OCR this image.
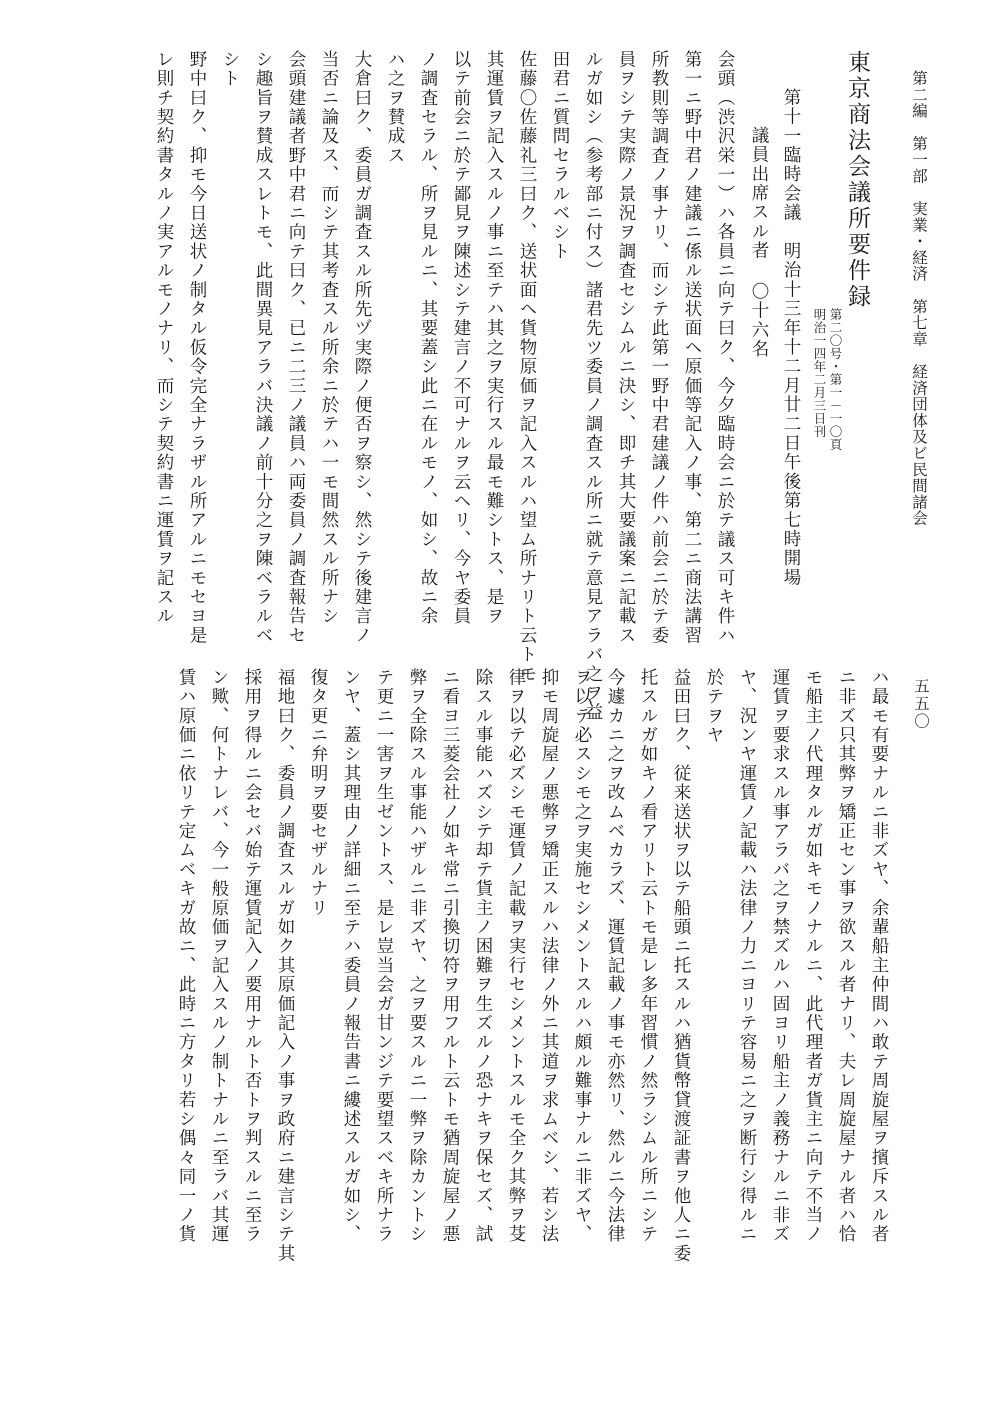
第二編　第一部　実業・経済　第七章　経済団体及ビ民間諸会
五五〇
東京商法会議所要件録
第二〇号・第一－一〇頁
明治一四年二月三日刊
第十一臨時会議　明治十三年十二月廿二日午後第七時開場
議員出席スル者 〇十六名
会頭（渋沢栄一）ハ各員ニ向テ曰ク、今夕臨時会ニ於テ議ス可キ件ハ
第一ニ野中君ノ建議ニ係ル送状面ヘ原価等記入ノ事、第二ニ商法講習
所教則等調査ノ事ナリ、而シテ此第一野中君建議ノ件ハ前会ニ於テ委
員ヲシテ実際ノ景況ヲ調査セシムルニ決シ、即チ其大要議案ニ記載ス
ルガ如シ（参考部ニ付ス）諸君先ツ委員ノ調査スル所ニ就テ意見アラバ之ヲ益
田君ニ質問セラルベシト
佐藤〇佐藤礼三曰ク、送状面ヘ貨物原価ヲ記入スルハ望ム所ナリト云トモ
其運賃ヲ記入スルノ事ニ至テハ其之ヲ実行スル最モ難シトス、是ヲ
以テ前会ニ於テ鄙見ヲ陳述シテ建言ノ不可ナルヲ云ヘリ、今ヤ委員
ノ調査セラル、所ヲ見ルニ、其要蓋シ此ニ在ルモノ、如シ、故ニ余
ハ之ヲ賛成ス
大倉曰ク、委員ガ調査スル所先ヅ実際ノ便否ヲ察シ、然シテ後建言ノ
当否ニ論及ス、而シテ其考査スル所余ニ於テハ一モ間然スル所ナシ
会頭建議者野中君ニ向テ曰ク、已ニ二三ノ議員ハ両委員ノ調査報告セ
シ趣旨ヲ賛成スレトモ、此間異見アラバ決議ノ前十分之ヲ陳ベラルベ
シト
野中曰ク、抑モ今日送状ノ制タル仮令完全ナラザル所アルニモセヨ是
レ則チ契約書タルノ実アルモノナリ、而シテ契約書ニ運賃ヲ記スル
ハ最モ有要ナルニ非ズヤ、余輩船主仲間ハ敢テ周旋屋ヲ擯斥スル者
ニ非ズ只其弊ヲ矯正セン事ヲ欲スル者ナリ、夫レ周旋屋ナル者ハ恰
モ船主ノ代理タルガ如キモノナルニ、此代理者ガ貨主ニ向テ不当ノ
運賃ヲ要求スル事アラバ之ヲ禁ズルハ固ヨリ船主ノ義務ナルニ非ズ
ヤ、況ンヤ運賃ノ記載ハ法律ノ力ニヨリテ容易ニ之ヲ断行シ得ルニ
於テヲヤ
益田曰ク、従来送状ヲ以テ船頭ニ托スルハ猶貨幣貸渡証書ヲ他人ニ委
托スルガ如キノ看アリト云トモ是レ多年習慣ノ然ラシムル所ニシテ
今遽カニ之ヲ改ムベカラズ、運賃記載ノ事モ亦然リ、然ルニ今法律
ヲ以テ必スシモ之ヲ実施セシメントスルハ頗ル難事ナルニ非ズヤ、
抑モ周旋屋ノ悪弊ヲ矯正スルハ法律ノ外ニ其道ヲ求ムベシ、若シ法
律ヲ以テ必ズシモ運賃ノ記載ヲ実行セシメントスルモ全ク其弊ヲ芟
除スル事能ハズシテ却テ貨主ノ困難ヲ生ズルノ恐ナキヲ保セズ、試
ニ看ヨ三菱会社ノ如キ常ニ引換切符ヲ用フルト云トモ猶周旋屋ノ悪
弊ヲ全除スル事能ハザルニ非ズヤ、之ヲ要スルニ一弊ヲ除カントシ
テ更ニ一害ヲ生ゼントス、是レ豈当会ガ甘ンジテ要望スベキ所ナラ
ンヤ、蓋シ其理由ノ詳細ニ至テハ委員ノ報告書ニ縷述スルガ如シ、
復タ更ニ弁明ヲ要セザルナリ
福地曰ク、委員ノ調査スルガ如ク其原価記入ノ事ヲ政府ニ建言シテ其
採用ヲ得ルニ会セバ始テ運賃記入ノ要用ナルト否トヲ判スルニ至ラ
ン歟、何トナレバ、今一般原価ヲ記入スルノ制トナルニ至ラバ其運
賃ハ原価ニ依リテ定ムベキガ故ニ、此時ニ方タリ若シ偶々同一ノ貨
